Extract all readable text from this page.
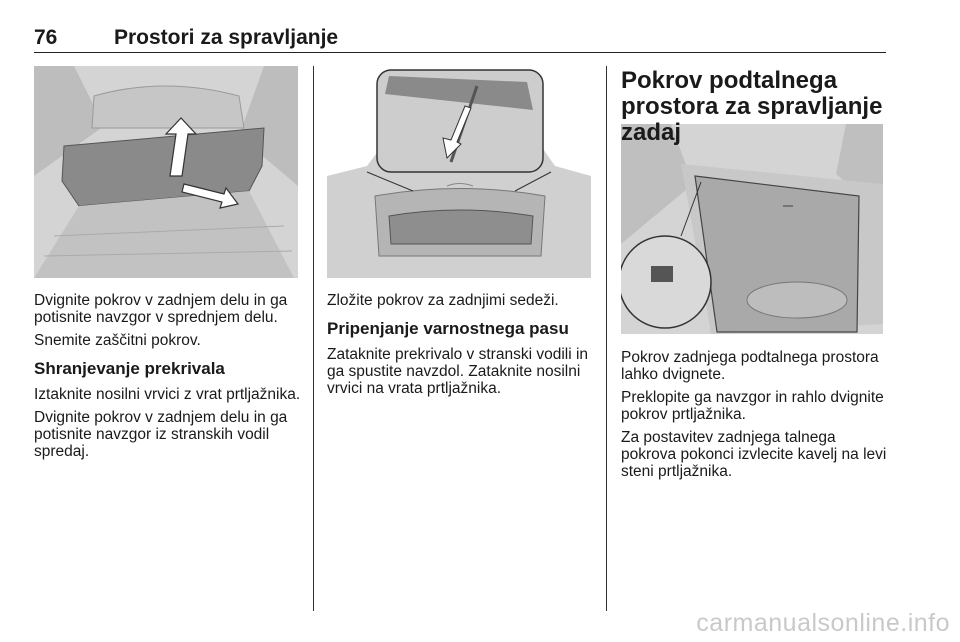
76	Prostori za spravljanje

Dvignite pokrov v zadnjem delu in ga potisnite navzgor v sprednjem delu.

Snemite zaščitni pokrov.

Shranjevanje prekrivala

Iztaknite nosilni vrvici z vrat prtljažnika.

Dvignite pokrov v zadnjem delu in ga potisnite navzgor iz stranskih vodil spredaj.

Zložite pokrov za zadnjimi sedeži.

Pripenjanje varnostnega pasu

Zataknite prekrivalo v stranski vodili in ga spustite navzdol. Zataknite nosilni vrvici na vrata prtljažnika.

Pokrov podtalnega prostora za spravljanje zadaj

Pokrov zadnjega podtalnega prostora lahko dvignete.

Preklopite ga navzgor in rahlo dvignite pokrov prtljažnika.

Za postavitev zadnjega talnega pokrova pokonci izvlecite kavelj na levi steni prtljažnika.

carmanualsonline.info
